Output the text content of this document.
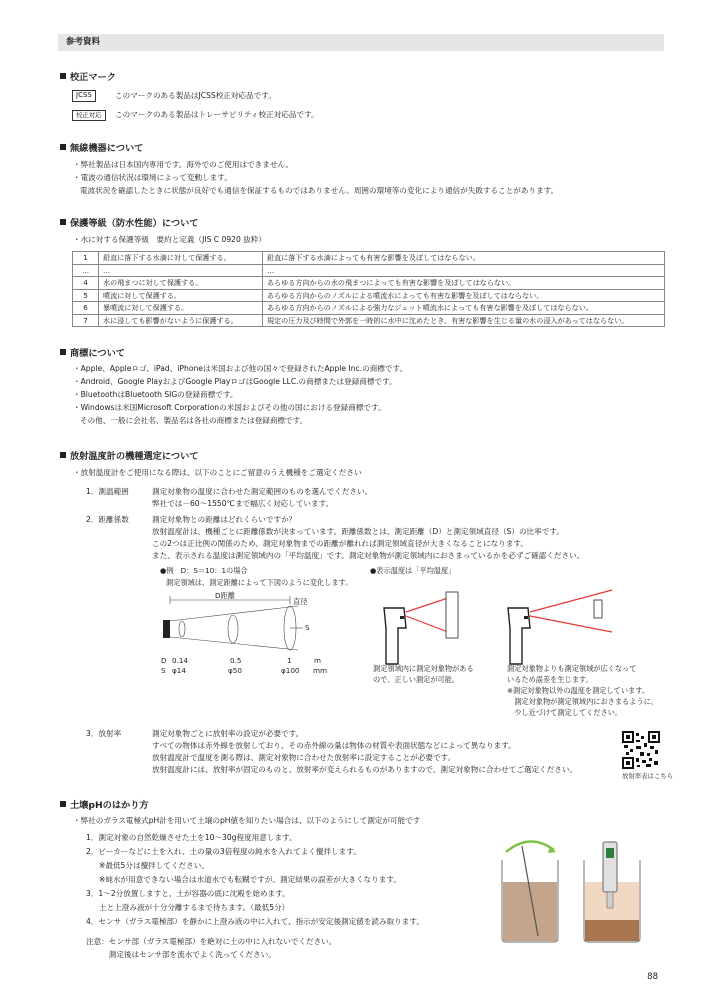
参考資料
校正マーク
JCSS	このマークのある製品はJCSS校正対応品です。
校正対応	このマークのある製品はトレーサビリティ校正対応品です。
無線機器について
・弊社製品は日本国内専用です。海外でのご使用はできません。
・電波の通信状況は環境によって変動します。
電波状況を確認したときに状態が良好でも通信を保証するものではありません。周囲の環境等の変化により通信が失敗することがあります。
保護等級（防水性能）について
・水に対する保護等級　要約と定義（JIS C 0920 抜粋）
1	鉛直に落下する水滴に対して保護する。	鉛直に落下する水滴によっても有害な影響を及ぼしてはならない。
…	…	…
4	水の飛まつに対して保護する。	あらゆる方向からの水の飛まつによっても有害な影響を及ぼしてはならない。
5	噴流に対して保護する。	あらゆる方向からのノズルによる噴流水によっても有害な影響を及ぼしてはならない。
6	暴噴流に対して保護する。	あらゆる方向からのノズルによる強力なジェット噴流水によっても有害な影響を及ぼしてはならない。
7	水に浸しても影響がないように保護する。	規定の圧力及び時間で外郭を一時的に水中に沈めたとき、有害な影響を生じる量の水の浸入があってはならない。
商標について
・Apple、Appleロゴ、iPad、iPhoneは米国および他の国々で登録されたApple Inc.の商標です。
・Android、Google PlayおよびGoogle PlayロゴはGoogle LLC.の商標または登録商標です。
・BluetoothはBluetooth SIGの登録商標です。
・Windowsは米国Microsoft Corporationの米国およびその他の国における登録商標です。
その他、一般に会社名、製品名は各社の商標または登録商標です。
放射温度計の機種選定について
・放射温度計をご使用になる際は、以下のことにご留意のうえ機種をご選定ください
1．測温範囲	測定対象物の温度に合わせた測定範囲のものを選んでください。
弊社では－60～1550℃まで幅広く対応しています。
2．距離係数	測定対象物との距離はどれくらいですか？
放射温度計は、機種ごとに距離係数が決まっています。距離係数とは、測定距離（D）と測定領域直径（S）の比率です。
この2つは正比例の関係のため、測定対象物までの距離が離れれば測定領域直径が大きくなることになります。
また、表示される温度は測定領域内の「平均温度」です。測定対象物が測定領域内におさまっているかを必ずご確認ください。
●例　D：S＝10：1の場合
測定領域は、測定距離によって下図のように変化します。
D距離
直径
S
D 0.14	0.5	1	m
S φ14	φ50	φ100 mm
●表示温度は「平均温度」
測定領域内に測定対象物がある
ので、正しい測定が可能。
測定対象物よりも測定領域が広くなって
いるため誤差を生じます。
※測定対象物以外の温度を測定しています。
　測定対象物が測定領域内におさまるように、
　少し近づけて測定してください。
3．放射率	測定対象物ごとに放射率の設定が必要です。
すべての物体は赤外線を放射しており、その赤外線の量は物体の材質や表面状態などによって異なります。
放射温度計で温度を測る際は、測定対象物に合わせた放射率に設定することが必要です。
放射温度計には、放射率が固定のものと、放射率が変えられるものがありますので、測定対象物に合わせてご選定ください。
放射率表はこちら
土壌pHのはかり方
・弊社のガラス電極式pH計を用いて土壌のpH値を知りたい場合は、以下のようにして測定が可能です
1．測定対象の自然乾燥させた土を10～30g程度用意します。
2．ビーカーなどに土を入れ、土の量の3倍程度の純水を入れてよく攪拌します。
※最低5分は攪拌してください。
※純水が用意できない場合は水道水でも転糊ですが、測定結果の誤差が大きくなります。
3．1～2分放置しますと、土が容器の底に沈殿を始めます。
土と上澄み液が十分分離するまで待ちます。（最低5分）
4．センサ（ガラス電極部）を静かに上澄み液の中に入れて、指示が安定後測定値を読み取ります。
注意：センサ部（ガラス電極部）を絶対に土の中に入れないでください。
　　　測定後はセンサ部を流水でよく洗ってください。
88
